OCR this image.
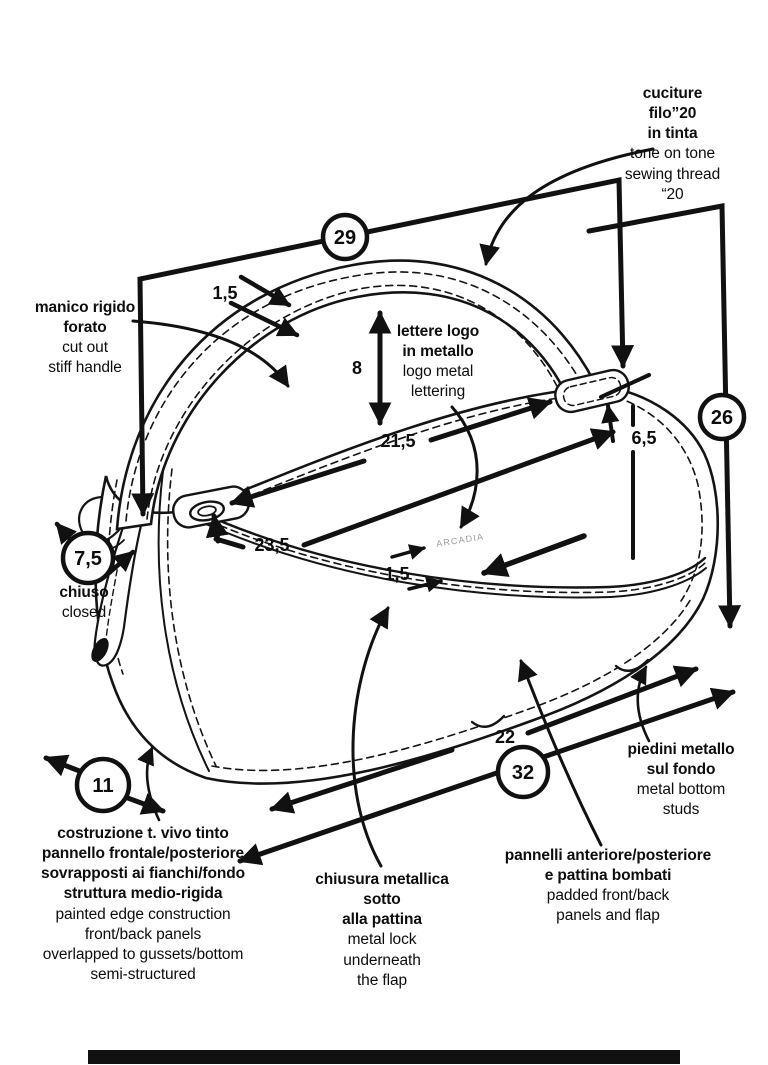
ARCADIA
29
26
7,5
11
32
1,5
8
21,5	6,5
23,5
1,5
22
cuciture
filo”20
in tinta
tone on tone
sewing thread
“20
manico rigido
forato
cut out
stiff handle
lettere logo
in metallo
logo metal
lettering
chiuso
closed
costruzione t. vivo tinto
pannello frontale/posteriore
sovrapposti ai fianchi/fondo
struttura medio-rigida
painted edge construction
front/back panels
overlapped to gussets/bottom
semi-structured
chiusura metallica
sotto
alla pattina
metal lock
underneath
the flap
pannelli anteriore/posteriore
e pattina bombati
padded front/back
panels and flap
piedini metallo
sul fondo
metal bottom
studs
